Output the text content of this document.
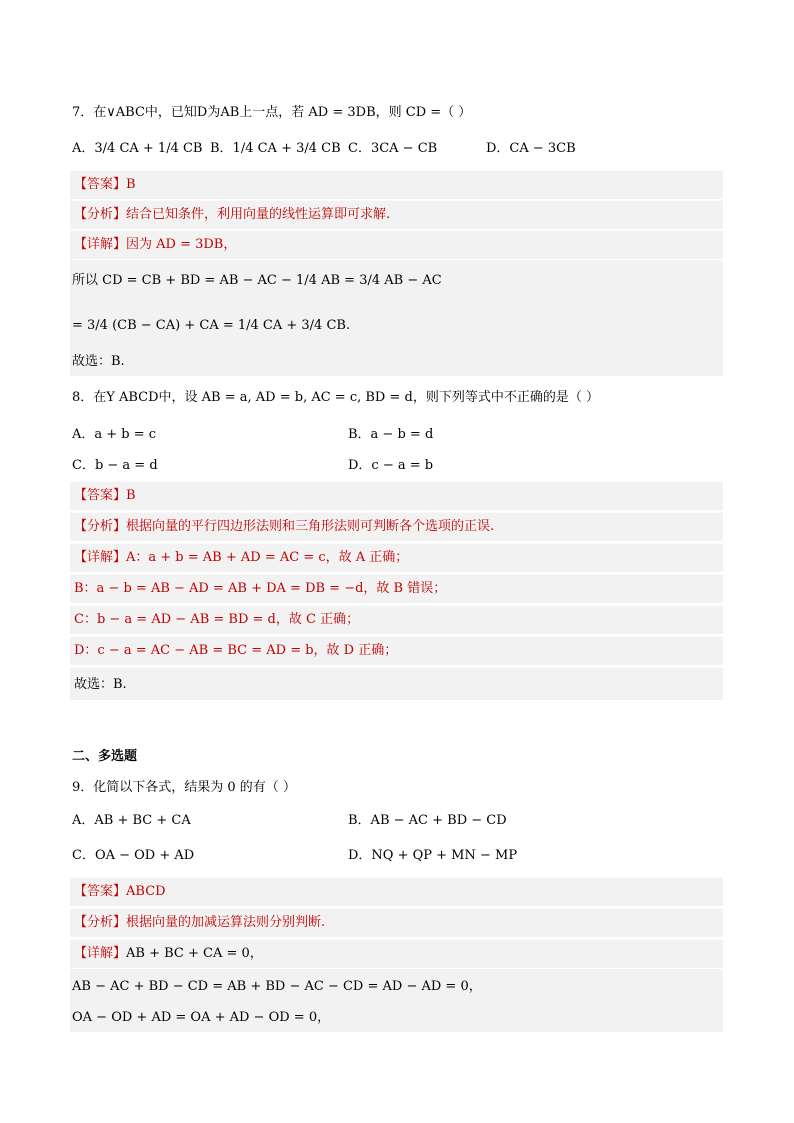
7．在∨ABC中，已知D为AB上一点，若 AD = 3DB，则 CD =（ ）
A．3/4 CA + 1/4 CB B．1/4 CA + 3/4 CB C．3CA − CB	D．CA − 3CB
【答案】B
【分析】结合已知条件，利用向量的线性运算即可求解.
【详解】因为 AD = 3DB，
所以 CD = CB + BD = AB − AC − 1/4 AB = 3/4 AB − AC
= 3/4 (CB − CA) + CA = 1/4 CA + 3/4 CB.
故选：B.
8．在Y ABCD中，设 AB = a, AD = b, AC = c, BD = d，则下列等式中不正确的是（ ）
A．a + b = c	B．a − b = d
C．b − a = d	D．c − a = b
【答案】B
【分析】根据向量的平行四边形法则和三角形法则可判断各个选项的正误.
【详解】A：a + b = AB + AD = AC = c，故 A 正确；
B：a − b = AB − AD = AB + DA = DB = −d，故 B 错误；
C：b − a = AD − AB = BD = d，故 C 正确；
D：c − a = AC − AB = BC = AD = b，故 D 正确；
故选：B.
二、多选题
9．化简以下各式，结果为 0 的有（ ）
A．AB + BC + CA	B．AB − AC + BD − CD
C．OA − OD + AD	D．NQ + QP + MN − MP
【答案】ABCD
【分析】根据向量的加减运算法则分别判断.
【详解】AB + BC + CA = 0，
AB − AC + BD − CD = AB + BD − AC − CD = AD − AD = 0，
OA − OD + AD = OA + AD − OD = 0，
